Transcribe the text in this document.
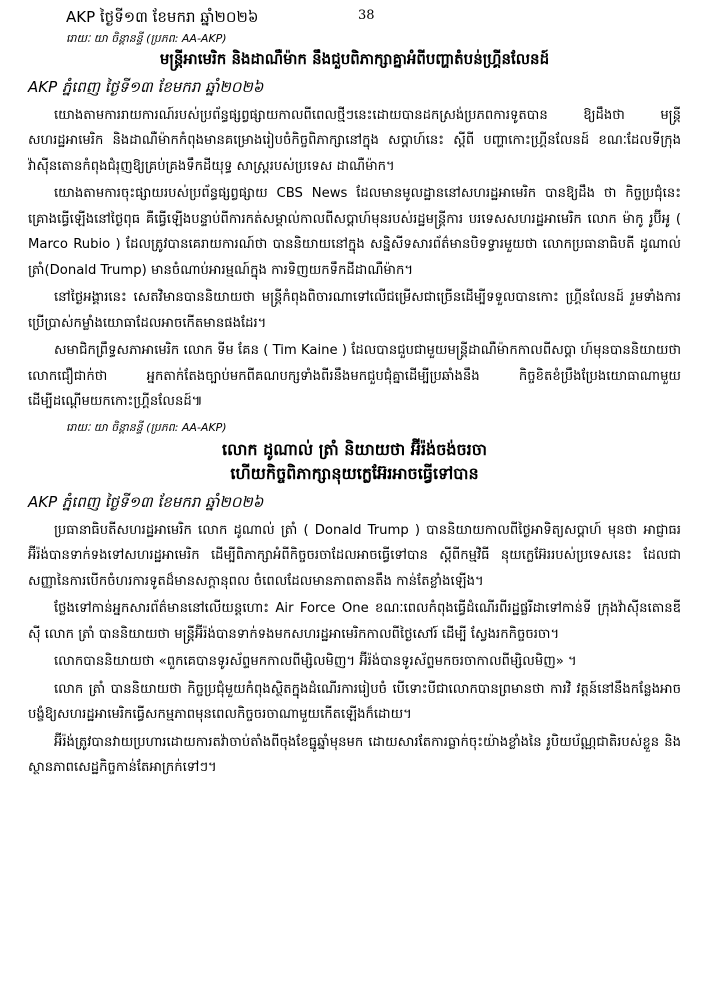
AKP ថ្ងៃទី១៣ ខែមករា ឆ្នាំ២០២៦	38
រោយៈ យា ចិន្តានន្ទី (ប្រភព: AA-AKP)
មន្ត្រីអាមេរិក និងដាណឺម៉ាក នឹងជួបពិភាក្សាគ្នាអំពីបញ្ហាតំបន់ហ្គ្រីនលែនដ៍
AKP ភ្នំពេញ ថ្ងៃទី១៣ ខែមករា ឆ្នាំ២០២៦

យោងតាមការរាយការណ៍របស់ប្រព័ន្ធផ្សព្វផ្សាយកាលពីពេលថ្មីៗនេះដោយបានដកស្រង់ប្រភពការទូតបាន ឱ្យដឹងថា មន្ត្រីសហរដ្ឋអាមេរិក និងដាណឺម៉ាកកំពុងមានគម្រោងរៀបចំកិច្ចពិភាក្សានៅក្នុង សប្តាហ៍នេះ ស្តីពី បញ្ហាកោះហ្គ្រីនលែនដ៍ ខណៈដែលទីក្រុងវ៉ាស៊ីនតោនកំពុងជំរុញឱ្យគ្រប់គ្រងទឹកដីយុទ្ធ សាស្ត្ររបស់ប្រទេស ដាណឺម៉ាក។

យោងតាមការចុះផ្សាយរបស់ប្រព័ន្ធផ្សព្វផ្សាយ CBS News ដែលមានមូលដ្ឋាននៅសហរដ្ឋអាមេរិក បានឱ្យដឹង ថា កិច្ចប្រជុំនេះគ្រោងធ្វើឡើងនៅថ្ងៃពុធ គឺធ្វើឡើងបន្ទាប់ពីការកត់សម្គាល់កាលពីសប្តាហ៍មុនរបស់រដ្ឋមន្ត្រីការ បរទេសសហរដ្ឋអាមេរិក លោក ម៉ាកូ រូប៊ីអូ ( Marco Rubio ) ដែលត្រូវបានគេរាយការណ៍ថា បាននិយាយនៅក្នុង សន្និសីទសារព័ត៌មានបិទទ្វារមួយថា លោកប្រធានាធិបតី ដូណាល់ ត្រាំ(Donald Trump) មានចំណាប់អារម្មណ៍ក្នុង ការទិញយកទឹកដីដាណឺម៉ាក។

នៅថ្ងៃអង្គារនេះ សេតវិមានបាននិយាយថា មន្ត្រីកំពុងពិចារណាទៅលើជម្រើសជាច្រើនដើម្បីទទួលបានកោះ ហ្គ្រីនលែនដ៍ រួមទាំងការប្រើប្រាស់កម្លាំងយោធាដែលអាចកើតមានផងដែរ។

សមាជិកព្រឹទ្ធសភាអាមេរិក លោក ទីម គែន ( Tim Kaine ) ដែលបានជួបជាមួយមន្ត្រីដាណឺម៉ាកកាលពីសប្តា ហ៍មុនបាននិយាយថា លោកជឿជាក់ថា អ្នកតាក់តែងច្បាប់មកពីគណបក្សទាំងពីរនឹងមកជួបជុំគ្នាដើម្បីប្រឆាំងនឹង កិច្ចខិតខំប្រឹងប្រែងយោធាណាមួយដើម្បីដណ្តើមយកកោះហ្គ្រីនលែនដ៍៕

រោយៈ យា ចិន្តានន្ទី (ប្រភព: AA-AKP)
លោក ដូណាល់ ត្រាំ និយាយថា អ៊ីរ៉ង់ចង់ចរចា
ហើយកិច្ចពិភាក្សានុយក្លេអ៊ែរអាចធ្វើទៅបាន
AKP ភ្នំពេញ ថ្ងៃទី១៣ ខែមករា ឆ្នាំ២០២៦

ប្រធានាធិបតីសហរដ្ឋអាមេរិក លោក ដូណាល់ ត្រាំ ( Donald Trump ) បាននិយាយកាលពីថ្ងៃអាទិត្យសប្តាហ៍ មុនថា អាជ្ញាធរអ៊ីរ៉ង់បានទាក់ទងទៅសហរដ្ឋអាមេរិក ដើម្បីពិភាក្សាអំពីកិច្ចចរចាដែលអាចធ្វើទៅបាន ស្តីពីកម្មវិធី នុយក្លេអ៊ែររបស់ប្រទេសនេះ ដែលជាសញ្ញានៃការបើកចំហរការទូតដ៏មានសក្តានុពល ចំពេលដែលមានភាពតានតឹង កាន់តែខ្លាំងឡើង។

ថ្លែងទៅកាន់អ្នកសារព័ត៌មាននៅលើយន្តហោះ Air Force One ខណៈពេលកំពុងធ្វើដំណើរពីរដ្ឋផ្លរីដាទៅកាន់ទី ក្រុងវ៉ាស៊ីនតោនឌីស៊ី លោក ត្រាំ បាននិយាយថា មន្ត្រីអ៊ីរ៉ង់បានទាក់ទងមកសហរដ្ឋអាមេរិកកាលពីថ្ងៃសៅរ៍ ដើម្បី ស្វែងរកកិច្ចចរចា។

លោកបាននិយាយថា «ពួកគេបានទូរស័ព្ទមកកាលពីម្សិលមិញ។ អ៊ីរ៉ង់បានទូរស័ព្ទមកចរចាកាលពីម្សិលមិញ» ។

លោក ត្រាំ បាននិយាយថា កិច្ចប្រជុំមួយកំពុងស្ថិតក្នុងដំណើរការរៀបចំ បើទោះបីជាលោកបានព្រមានថា ការវិ វត្តន៍នៅនឹងកន្លែងអាចបង្ខំឱ្យសហរដ្ឋអាមេរិកធ្វើសកម្មភាពមុនពេលកិច្ចចរចាណាមួយកើតឡើងក៏ដោយ។

អ៊ីរ៉ង់ត្រូវបានវាយប្រហារដោយការតវ៉ាចាប់តាំងពីចុងខែធ្នូឆ្នាំមុនមក ដោយសារតែការធ្លាក់ចុះយ៉ាងខ្លាំងនៃ រូបិយប័ណ្ណជាតិរបស់ខ្លួន និងស្ថានភាពសេដ្ឋកិច្ចកាន់តែអាក្រក់ទៅៗ។
